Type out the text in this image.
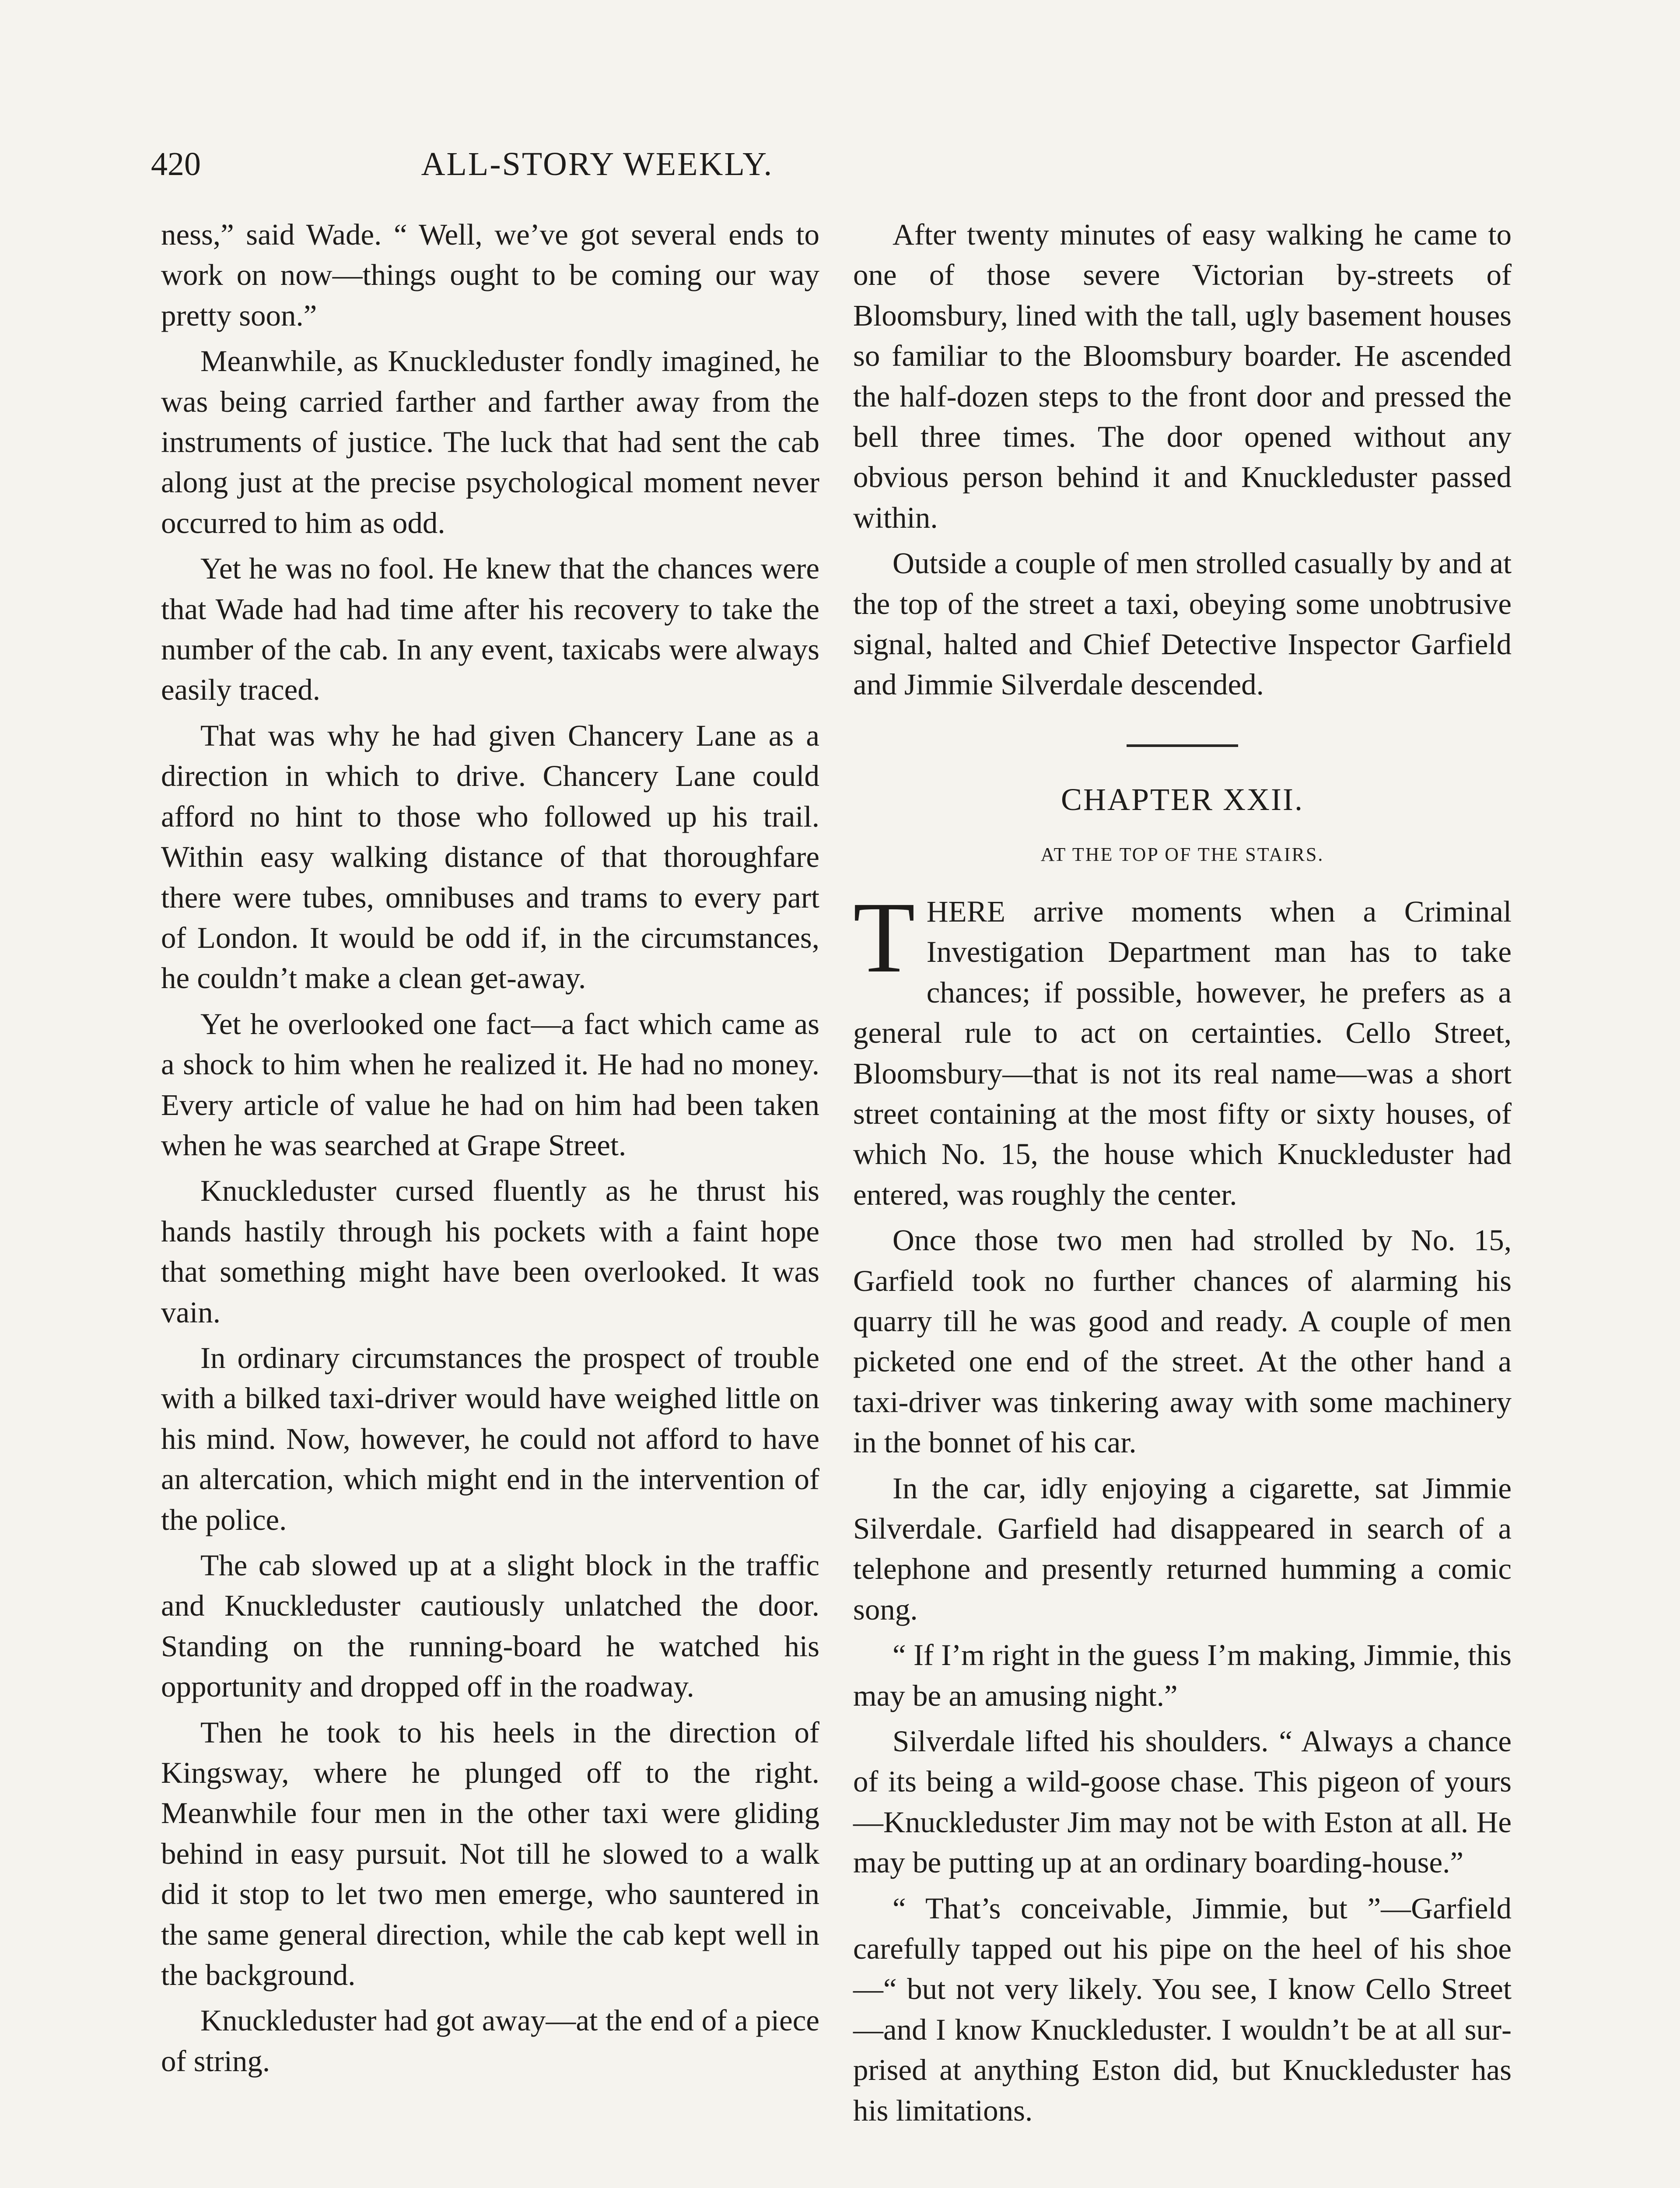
420	ALL-STORY WEEKLY.

ness,” said Wade. “ Well, we’ve got several ends to work on now—things ought to be coming our way pretty soon.”

Meanwhile, as Knuckleduster fondly imagined, he was being carried farther and farther away from the instruments of justice. The luck that had sent the cab along just at the precise psychological moment never occurred to him as odd.

Yet he was no fool. He knew that the chances were that Wade had had time after his recovery to take the number of the cab. In any event, taxicabs were always easily traced.

That was why he had given Chancery Lane as a direction in which to drive. Chancery Lane could afford no hint to those who followed up his trail. Within easy walking distance of that thoroughfare there were tubes, omnibuses and trams to every part of London. It would be odd if, in the circumstances, he couldn’t make a clean get-away.

Yet he overlooked one fact—a fact which came as a shock to him when he realized it. He had no money. Every article of value he had on him had been taken when he was searched at Grape Street.

Knuckleduster cursed fluently as he thrust his hands hastily through his pockets with a faint hope that something might have been overlooked. It was vain.

In ordinary circumstances the prospect of trouble with a bilked taxi-driver would have weighed little on his mind. Now, however, he could not afford to have an altercation, which might end in the intervention of the police.

The cab slowed up at a slight block in the traffic and Knuckleduster cautiously unlatched the door. Standing on the running-board he watched his opportunity and dropped off in the roadway.

Then he took to his heels in the direction of Kingsway, where he plunged off to the right. Meanwhile four men in the other taxi were gliding behind in easy pursuit. Not till he slowed to a walk did it stop to let two men emerge, who sauntered in the same general direction, while the cab kept well in the background.

Knuckleduster had got away—at the end of a piece of string.

After twenty minutes of easy walking he came to one of those severe Victorian by-streets of Bloomsbury, lined with the tall, ugly basement houses so familiar to the Bloomsbury boarder. He ascended the half-dozen steps to the front door and pressed the bell three times. The door opened without any obvious person behind it and Knuckleduster passed within.

Outside a couple of men strolled casually by and at the top of the street a taxi, obeying some unobtrusive signal, halted and Chief Detective Inspector Garfield and Jimmie Silverdale descended.

CHAPTER XXII.
AT THE TOP OF THE STAIRS.

THERE arrive moments when a Criminal Investigation Department man has to take chances; if possible, however, he prefers as a general rule to act on certainties. Cello Street, Bloomsbury—that is not its real name—was a short street containing at the most fifty or sixty houses, of which No. 15, the house which Knuckleduster had entered, was roughly the center.

Once those two men had strolled by No. 15, Garfield took no further chances of alarming his quarry till he was good and ready. A couple of men picketed one end of the street. At the other hand a taxi-driver was tinkering away with some machinery in the bonnet of his car.

In the car, idly enjoying a cigarette, sat Jimmie Silverdale. Garfield had disappeared in search of a telephone and presently returned humming a comic song.

“ If I’m right in the guess I’m making, Jimmie, this may be an amusing night.”

Silverdale lifted his shoulders. “ Always a chance of its being a wild-goose chase. This pigeon of yours—Knuckleduster Jim may not be with Eston at all. He may be putting up at an ordinary boarding-house.”

“ That’s conceivable, Jimmie, but ”—Garfield carefully tapped out his pipe on the heel of his shoe—“ but not very likely. You see, I know Cello Street—and I know Knuckleduster. I wouldn’t be at all surprised at anything Eston did, but Knuckleduster has his limitations.
